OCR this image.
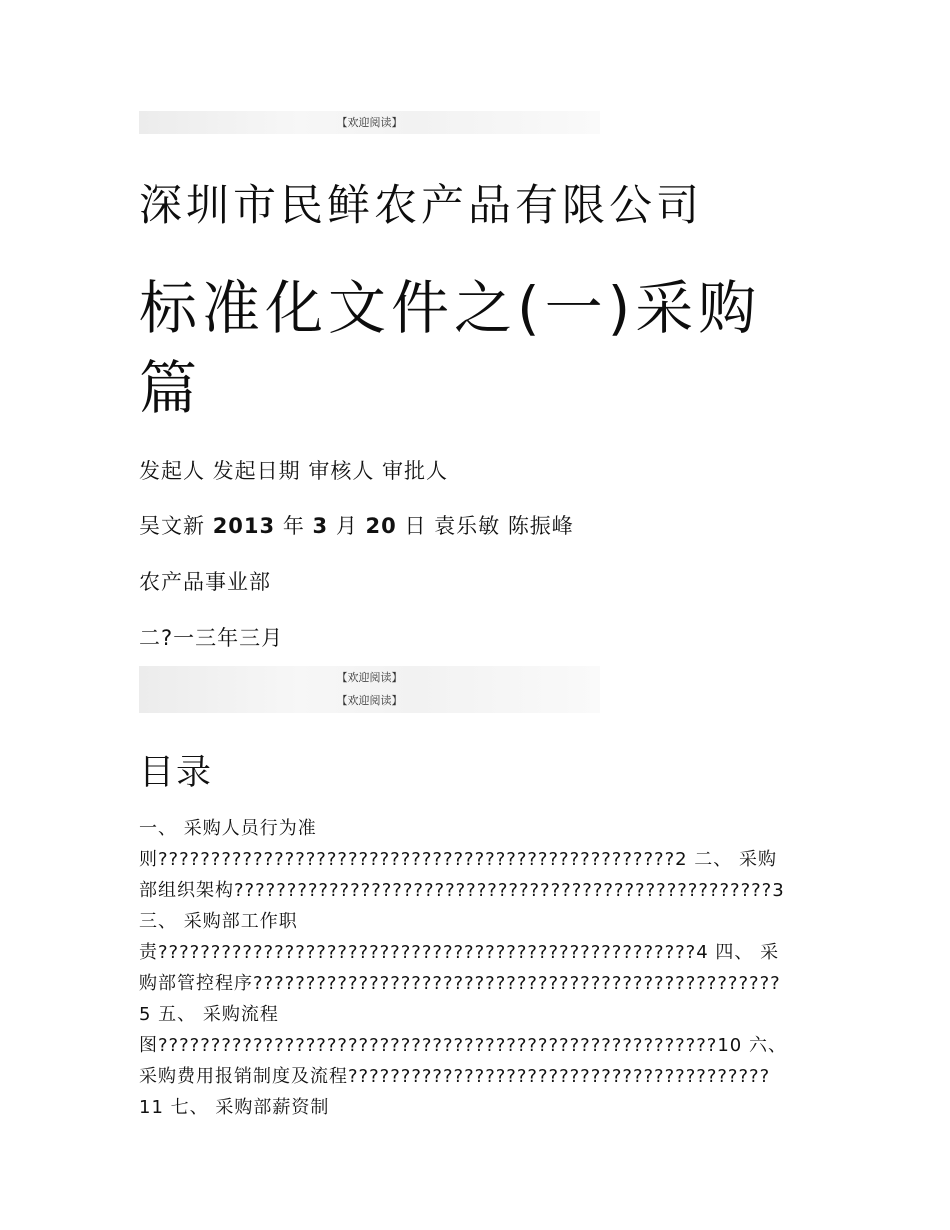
【欢迎阅读】
深圳市民鲜农产品有限公司
标准化文件之(一)采购
篇
发起人 发起日期 审核人 审批人
吴文新 2013 年 3 月 20 日 袁乐敏 陈振峰
农产品事业部
二?一三年三月
【欢迎阅读】
【欢迎阅读】
目录
一、 采购人员行为准
则?????????????????????????????????????????????????2 二、 采购
部组织架构???????????????????????????????????????????????????3
三、 采购部工作职
责???????????????????????????????????????????????????4 四、 采
购部管控程序??????????????????????????????????????????????????
5 五、 采购流程
图?????????????????????????????????????????????????????10 六、
采购费用报销制度及流程????????????????????????????????????????
11 七、 采购部薪资制
